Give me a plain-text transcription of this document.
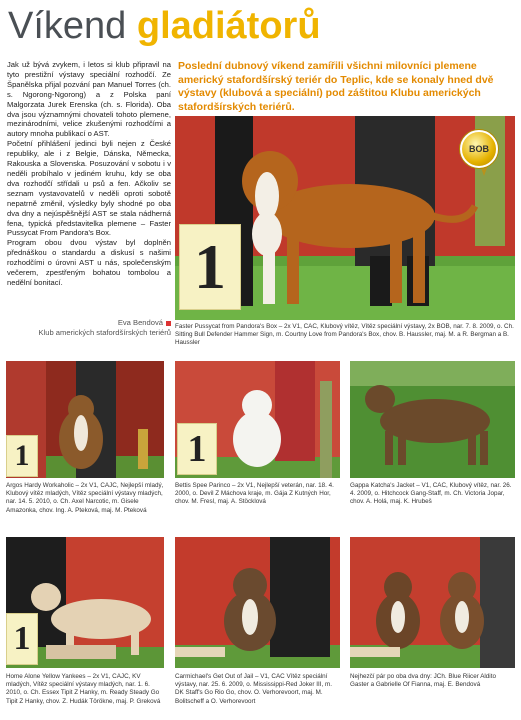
Víkend gladiátorů
Poslední dubnový víkend zamířili všichni milovníci plemene americký stafordšírský teriér do Teplic, kde se konaly hned dvě výstavy (klubová a speciální) pod záštitou Klubu amerických stafordšírských teriérů.

Jak už bývá zvykem, i letos si klub připravil na tyto prestižní výstavy speciální rozhodčí. Ze Španělska přijal pozvání pan Manuel Torres (ch. s. Ngorong-Ngorong) a z Polska paní Malgorzata Jurek Erenska (ch. s. Florida). Oba dva jsou významnými chovateli tohoto plemene, mezinárodními, velice zkušenými rozhodčími a autory mnoha publikací o AST.

Početní přihlášení jedinci byli nejen z České republiky, ale i z Belgie, Dánska, Německa, Rakouska a Slovenska. Posuzování v sobotu i v neděli probíhalo v jediném kruhu, kdy se oba dva rozhodčí střídali u psů a fen. Ačkoliv se seznam vystavovatelů v neděli oproti sobotě nepatrně změnil, výsledky byly shodné po oba dva dny a nejúspěšnější AST se stala nádherná fena, typická představitelka plemene – Faster Pussycat From Pandora's Box.

Program obou dvou výstav byl doplněn přednáškou o standardu a diskusí s našimi rozhodčími o úrovni AST u nás, společenským večerem, zpestřeným bohatou tombolou a nedělní bonitací.

Eva Bendová
Klub amerických stafordšírských teriérů
1
BOB
Faster Pussycat from Pandora's Box – 2x V1, CAC, Klubový vítěz, Vítěz speciální výstavy, 2x BOB, nar. 7. 8. 2009, o. Ch. Sitting Bull Defender Hammer Sign, m. Courtny Love from Pandora's Box, chov. B. Haussler, maj. M. a R. Bergman a B. Haussler
1
Argos Hardy Workaholic – 2x V1, CAJC, Nejlepší mladý, Klubový vítěz mladých, Vítěz speciální výstavy mladých, nar. 14. 5. 2010, o. Ch. Axel Narcotic, m. Gisele Amazonka, chov. Ing. A. Pteková, maj. M. Pteková
1
Bettis Spee Parinco – 2x V1, Nejlepší veterán, nar. 18. 4. 2000, o. Devil Z Máchova kraje, m. Gája Z Kutných Hor, chov. M. Fresl, maj. A. Stöcklová
Gappa Katcha's Jacket – V1, CAC, Klubový vítěz, nar. 26. 4. 2009, o. Hitchcock Gang-Staff, m. Ch. Victoria Jopar, chov. A. Holá, maj. K. Hrubeš
1
Home Alone Yellow Yankees – 2x V1, CAJC, KV mladých, Vítěz speciální výstavy mladých, nar. 1. 6. 2010, o. Ch. Essex Tipit Z Hanky, m. Ready Steady Go Tipit Z Hanky, chov. Z. Hudák Törökne, maj. P. Greková
Carmichael's Get Out of Jail – V1, CAC Vítěz speciální výstavy, nar. 25. 6. 2009, o. Mississippi-Red Joker III, m. DK Staff's Go Rio Go, chov. O. Verhorevoort, maj. M. Bolitscheff a O. Verhorevoort
Nejhezčí pár po oba dva dny: JCh. Blue Riicer Aldito Gaster a Gabrielle Of Fianna, maj. E. Bendová
